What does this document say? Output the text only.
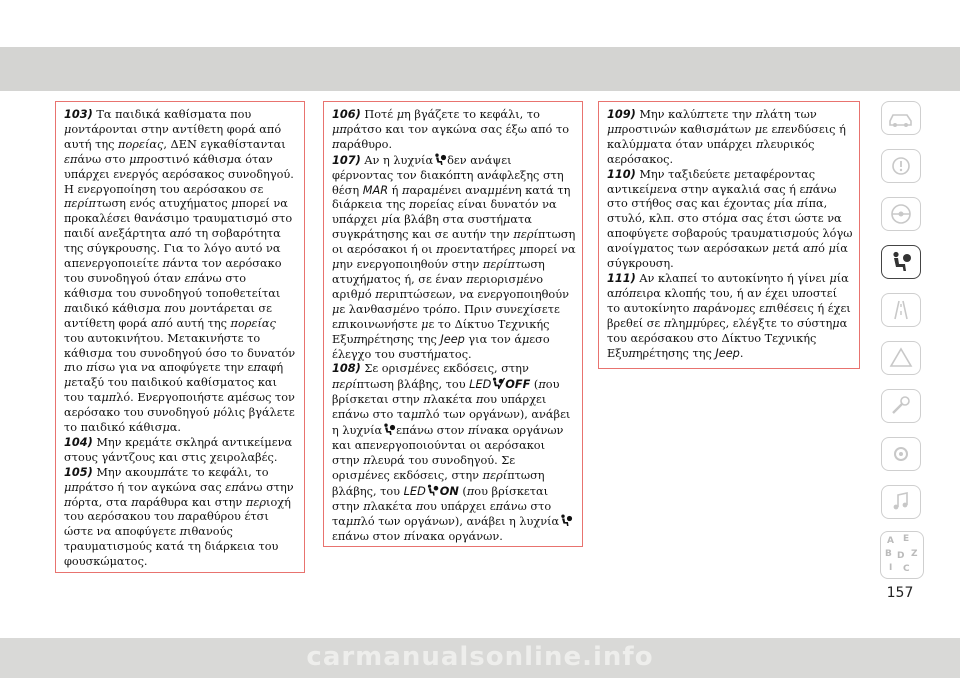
103) Τα παιδικά καθίσματα που μοντάρονται στην αντίθετη φορά από αυτή της πορείας, ΔΕΝ εγκαθίστανται επάνω στο μπροστινό κάθισμα όταν υπάρχει ενεργός αερόσακος συνοδηγού. Η ενεργοποίηση του αερόσακου σε περίπτωση ενός ατυχήματος μπορεί να προκαλέσει θανάσιμο τραυματισμό στο παιδί ανεξάρτητα από τη σοβαρότητα της σύγκρουσης. Για το λόγο αυτό να απενεργοποιείτε πάντα τον αερόσακο του συνοδηγού όταν επάνω στο κάθισμα του συνοδηγού τοποθετείται παιδικό κάθισμα που μοντάρεται σε αντίθετη φορά από αυτή της πορείας του αυτοκινήτου. Μετακινήστε το κάθισμα του συνοδηγού όσο το δυνατόν πιο πίσω για να αποφύγετε την επαφή μεταξύ του παιδικού καθίσματος και του ταμπλό. Ενεργοποιήστε αμέσως τον αερόσακο του συνοδηγού μόλις βγάλετε το παιδικό κάθισμα.

104) Μην κρεμάτε σκληρά αντικείμενα στους γάντζους και στις χειρολαβές.

105) Μην ακουμπάτε το κεφάλι, το μπράτσο ή τον αγκώνα σας επάνω στην πόρτα, στα παράθυρα και στην περιοχή του αερόσακου του παραθύρου έτσι ώστε να αποφύγετε πιθανούς τραυματισμούς κατά τη διάρκεια του φουσκώματος.

106) Ποτέ μη βγάζετε το κεφάλι, το μπράτσο και τον αγκώνα σας έξω από το παράθυρο.

107) Αν η λυχνία δεν ανάψει φέρνοντας τον διακόπτη ανάφλεξης στη θέση MAR ή παραμένει αναμμένη κατά τη διάρκεια της πορείας είναι δυνατόν να υπάρχει μία βλάβη στα συστήματα συγκράτησης και σε αυτήν την περίπτωση οι αερόσακοι ή οι προεντατήρες μπορεί να μην ενεργοποιηθούν στην περίπτωση ατυχήματος ή, σε έναν περιορισμένο αριθμό περιπτώσεων, να ενεργοποιηθούν με λανθασμένο τρόπο. Πριν συνεχίσετε επικοινωνήστε με το Δίκτυο Τεχνικής Εξυπηρέτησης της Jeep για τον άμεσο έλεγχο του συστήματος.

108) Σε ορισμένες εκδόσεις, στην περίπτωση βλάβης, του LED OFF (που βρίσκεται στην πλακέτα που υπάρχει επάνω στο ταμπλό των οργάνων), ανάβει η λυχνία επάνω στον πίνακα οργάνων και απενεργοποιούνται οι αερόσακοι στην πλευρά του συνοδηγού. Σε ορισμένες εκδόσεις, στην περίπτωση βλάβης, του LED ON (που βρίσκεται στην πλακέτα που υπάρχει επάνω στο ταμπλό των οργάνων), ανάβει η λυχνίαεπάνω στον πίνακα οργάνων.

109) Μην καλύπτετε την πλάτη των μπροστινών καθισμάτων με επενδύσεις ή καλύμματα όταν υπάρχει πλευρικός αερόσακος.

110) Μην ταξιδεύετε μεταφέροντας αντικείμενα στην αγκαλιά σας ή επάνω στο στήθος σας και έχοντας μία πίπα, στυλό, κλπ. στο στόμα σας έτσι ώστε να αποφύγετε σοβαρούς τραυματισμούς λόγω ανοίγματος των αερόσακων μετά από μία σύγκρουση.

111) Αν κλαπεί το αυτοκίνητο ή γίνει μία απόπειρα κλοπής του, ή αν έχει υποστεί το αυτοκίνητο παράνομες επιθέσεις ή έχει βρεθεί σε πλημμύρες, ελέγξτε το σύστημα του αερόσακου στο Δίκτυο Τεχνικής Εξυπηρέτησης της Jeep.

A E
B D Z
I C
157
carmanualsonline.info
